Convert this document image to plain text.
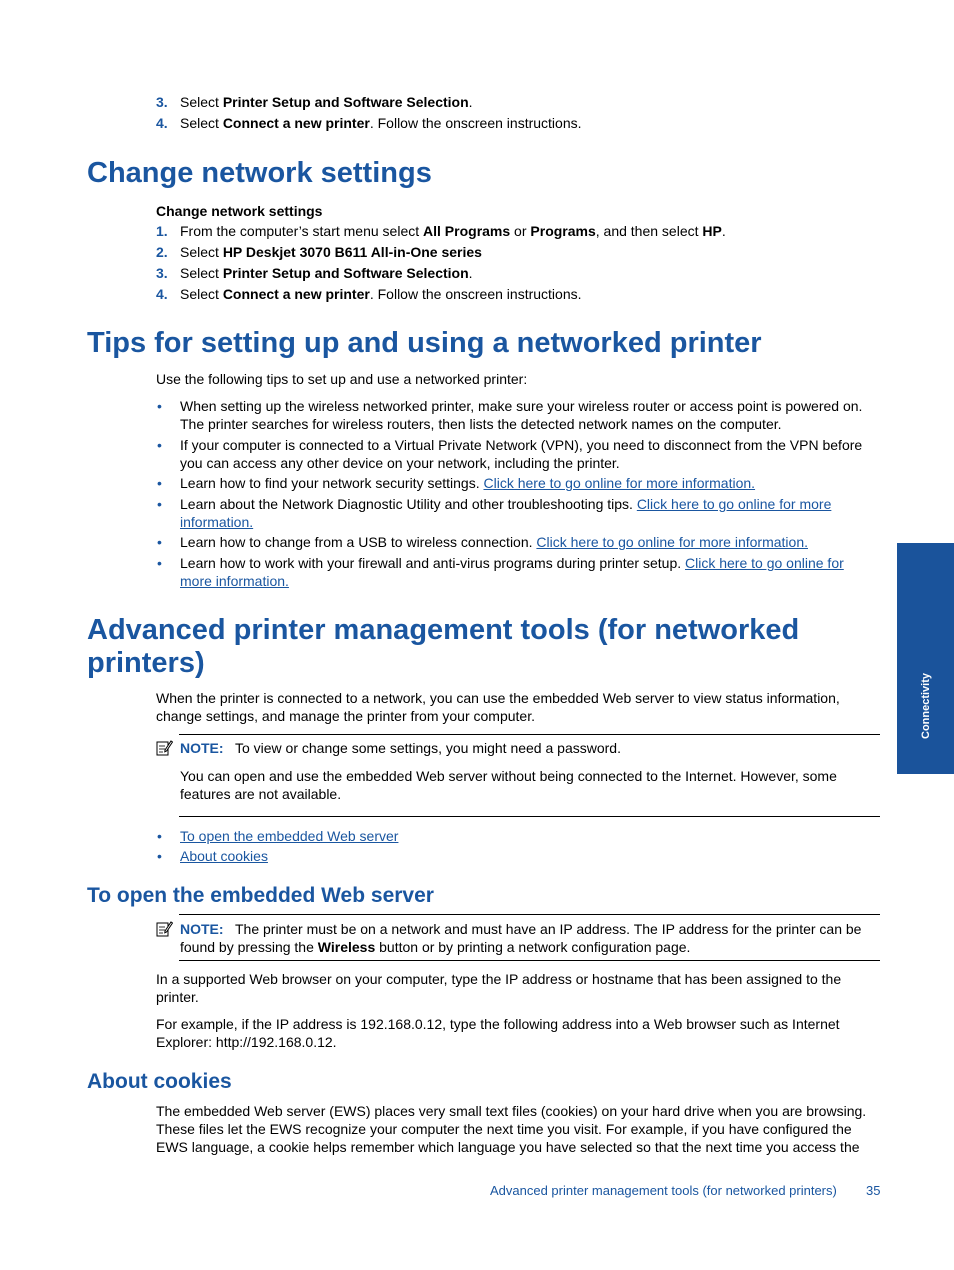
3. Select Printer Setup and Software Selection.
4. Select Connect a new printer. Follow the onscreen instructions.
Change network settings
Change network settings
1. From the computer’s start menu select All Programs or Programs, and then select HP.
2. Select HP Deskjet 3070 B611 All-in-One series
3. Select Printer Setup and Software Selection.
4. Select Connect a new printer. Follow the onscreen instructions.
Tips for setting up and using a networked printer
Use the following tips to set up and use a networked printer:
• When setting up the wireless networked printer, make sure your wireless router or access point is powered on.
The printer searches for wireless routers, then lists the detected network names on the computer.
• If your computer is connected to a Virtual Private Network (VPN), you need to disconnect from the VPN before
you can access any other device on your network, including the printer.
• Learn how to find your network security settings. Click here to go online for more information.
• Learn about the Network Diagnostic Utility and other troubleshooting tips. Click here to go online for more
information.
• Learn how to change from a USB to wireless connection. Click here to go online for more information.
• Learn how to work with your firewall and anti-virus programs during printer setup. Click here to go online for
more information.
Advanced printer management tools (for networked
printers)
When the printer is connected to a network, you can use the embedded Web server to view status information,
change settings, and manage the printer from your computer.
NOTE: To view or change some settings, you might need a password.
You can open and use the embedded Web server without being connected to the Internet. However, some
features are not available.
• To open the embedded Web server
• About cookies
To open the embedded Web server
NOTE: The printer must be on a network and must have an IP address. The IP address for the printer can be
found by pressing the Wireless button or by printing a network configuration page.
In a supported Web browser on your computer, type the IP address or hostname that has been assigned to the
printer.
For example, if the IP address is 192.168.0.12, type the following address into a Web browser such as Internet
Explorer: http://192.168.0.12.
About cookies
The embedded Web server (EWS) places very small text files (cookies) on your hard drive when you are browsing.
These files let the EWS recognize your computer the next time you visit. For example, if you have configured the
EWS language, a cookie helps remember which language you have selected so that the next time you access the
Connectivity
Advanced printer management tools (for networked printers) 35
